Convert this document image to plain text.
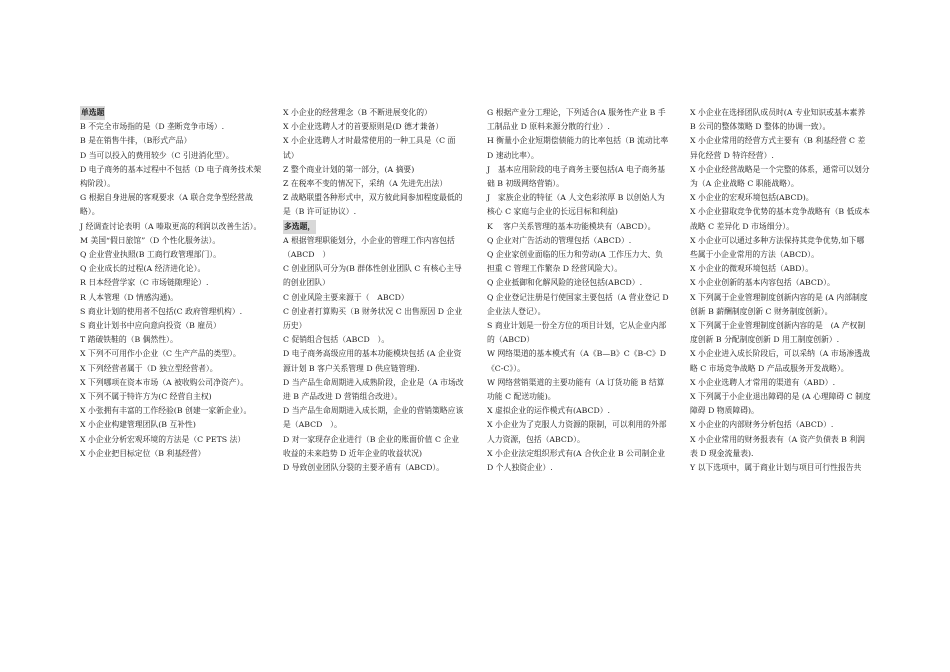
单选题

B 不完全市场指的是（D 垄断竞争市场）.

B 是在销售牛排，（B形式产品）

D 当可以投入的费用较少（C 引进消化型）。

D 电子商务的基本过程中不包括（D 电子商务技术架构阶段）。

G 根据自身进展的客观要求（A 联合竞争型经营战略）。

J 经调查讨论表明（A 嗪取更高的利润以改善生活）。

M 美国“假日旅馆”（D 个性化服务法）。

Q 企业营业执照(B 工商行政管理部门）。

Q 企业成长的过程(A 经济进化论）。

R 日本经营学家（C 市场链隙理论）.

R 人本管理（D 情感沟通)。

S 商业计划的使用者不包括(C 政府管理机构）.

S 商业计划书中应向意向投资（B 雇员）

T 踏破铁鞋的（B 偶然性）。

X 下列不可用作小企业（C 生产产品的类型）。

X 下列经营者属于（D 独立型经营者）。

X 下列哪项在资本市场（A 被收购公司净资产）。

X 下列不属于特许方为(C 经营自主权)

X 小张拥有丰富的工作经验(B 创建一家新企业）。

X 小企业构建管理团队(B 互补性)

X 小企业分析宏观环境的方法是（C PETS 法）

X 小企业把目标定位（B 利基经营）

X 小企业的经营理念（B 不断进展变化的）

X 小企业选聘人才的首要原则是(D 德才兼备）

X 小企业选聘人才时最常使用的一种工具是（C 面试）

Z 整个商业计划的第一部分，(A 摘要)

Z 在税率不变的情况下，采纳（A 先进先出法）

Z 战略联盟各种形式中，双方彼此间参加程度最低的是（B 许可证协议）.

多选题，

A 根据管理职能划分，小企业的管理工作内容包括（ABCD　）

C 创业团队可分为(B 群体性创业团队 C 有核心主导的创业团队）

C 创业风险主要来源于（　ABCD）

C 创业者打算购买（B 财务状况 C 出售原因 D 企业历史）

C 促销组合包括（ABCD　）。

D 电子商务高级应用的基本功能模块包括 (A 企业资源计划 B 客户关系管理 D 供应链管理).

D 当产品生命周期进入成熟阶段，企业是（A 市场改进 B 产品改进 D 营销组合改进）。

D 当产品生命周期进入成长期，企业的营销策略应该是（ABCD　）。

D 对一家现存企业进行（B 企业的账面价值 C 企业收益的未来趋势 D 近年企业的收益状况)

D 导致创业团队分裂的主要矛盾有（ABCD）。

G 根据产业分工理论，下列适合(A 服务性产业 B 手工制品业 D 原料来源分散的行业）.

H 衡量小企业短期偿债能力的比率包括（B 流动比率 D 速动比率）。

J　基本应用阶段的电子商务主要包括(A 电子商务基础 B 初级网络营销）。

J　家族企业的特征（A 人文色彩浓厚 B 以创始人为核心 C 家庭与企业的长远目标和利益)

K　 客户关系管理的基本功能模块有（ABCD）。

Q 企业对广告活动的管理包括（ABCD）.

Q 企业家创业面临的压力和劳动(A 工作压力大、负担重 C 管理工作繁杂 D 经营风险大）。

Q 企业抵御和化解风险的途径包括(ABCD）.

Q 企业登记注册是行使国家主要包括（A 营业登记 D 企业法人登记）。

S 商业计划是一份全方位的项目计划，它从企业内部的（ABCD）

W 网络渠道的基本模式有（A《B—B》C《B-C》D《C-C》）。

W 网络营销渠道的主要功能有（A 订货功能 B 结算功能 C 配送功能)。

X 虚拟企业的运作模式有(ABCD）.

X 小企业为了克服人力资源的限制，可以利用的外部人力资源，包括（ABCD）。

X 小企业法定组织形式有(A 合伙企业 B 公司制企业 D 个人独资企业）.

X 小企业在选择团队成员时(A 专业知识或基本素养 B 公司的整体策略 D 整体的协调一致）。

X 小企业常用的经营方式主要有（B 利基经营 C 差异化经营 D 特许经营）.

X 小企业经营战略是一个完整的体系，通常可以划分为（A 企业战略 C 职能战略）。

X 小企业的宏观环境包括(ABCD)。

X 小企业猎取竞争优势的基本竞争战略有（B 低成本战略 C 差异化 D 市场细分）。

X 小企业可以通过多种方法保持其竞争优势,如下哪些属于小企业常用的方法（ABCD）。

X 小企业的微观环境包括（ABD）。

X 小企业创新的基本内容包括（ABCD）。

X 下列属于企业管理制度创新内容的是 (A 内部制度创新 B 薪酬制度创新 C 财务制度创新）。

X 下列属于企业管理制度创新内容的是　(A 产权制度创新 B 分配制度创新 D 用工制度创新）.

X 小企业进入成长阶段后，可以采纳（A 市场渗透战略 C 市场竞争战略 D 产品或服务开发战略）。

X 小企业选聘人才常用的渠道有（ABD）.

X 下列属于小企业退出障碍的是 (A 心理障碍 C 制度障碍 D 物质障碍)。

X 小企业的内部财务分析包括（ABCD）.

X 小企业常用的财务报表有（A 资产负债表 B 利润表 D 现金流量表).

Y 以下选项中，属于商业计划与项目可行性报告共
